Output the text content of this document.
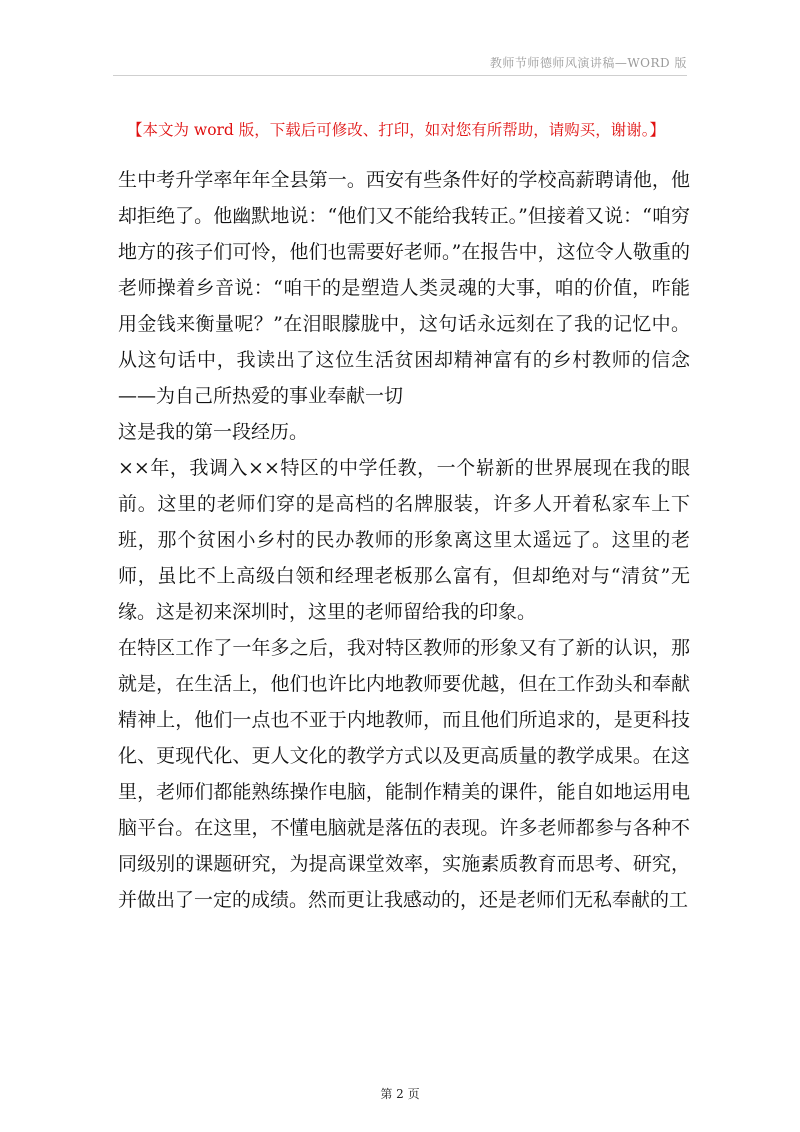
教师节师德师风演讲稿—WORD 版
【本文为 word 版，下载后可修改、打印，如对您有所帮助，请购买，谢谢。】

生中考升学率年年全县第一。西安有些条件好的学校高薪聘请他，他却拒绝了。他幽默地说：“他们又不能给我转正。”但接着又说：“咱穷地方的孩子们可怜，他们也需要好老师。”在报告中，这位令人敬重的老师操着乡音说：“咱干的是塑造人类灵魂的大事，咱的价值，咋能用金钱来衡量呢？”在泪眼朦胧中，这句话永远刻在了我的记忆中。从这句话中，我读出了这位生活贫困却精神富有的乡村教师的信念——为自己所热爱的事业奉献一切

这是我的第一段经历。

××年，我调入××特区的中学任教，一个崭新的世界展现在我的眼前。这里的老师们穿的是高档的名牌服装，许多人开着私家车上下班，那个贫困小乡村的民办教师的形象离这里太遥远了。这里的老师，虽比不上高级白领和经理老板那么富有，但却绝对与“清贫”无缘。这是初来深圳时，这里的老师留给我的印象。

在特区工作了一年多之后，我对特区教师的形象又有了新的认识，那就是，在生活上，他们也许比内地教师要优越，但在工作劲头和奉献精神上，他们一点也不亚于内地教师，而且他们所追求的，是更科技化、更现代化、更人文化的教学方式以及更高质量的教学成果。在这里，老师们都能熟练操作电脑，能制作精美的课件，能自如地运用电脑平台。在这里，不懂电脑就是落伍的表现。许多老师都参与各种不同级别的课题研究，为提高课堂效率，实施素质教育而思考、研究，并做出了一定的成绩。然而更让我感动的，还是老师们无私奉献的工

第 2 页
